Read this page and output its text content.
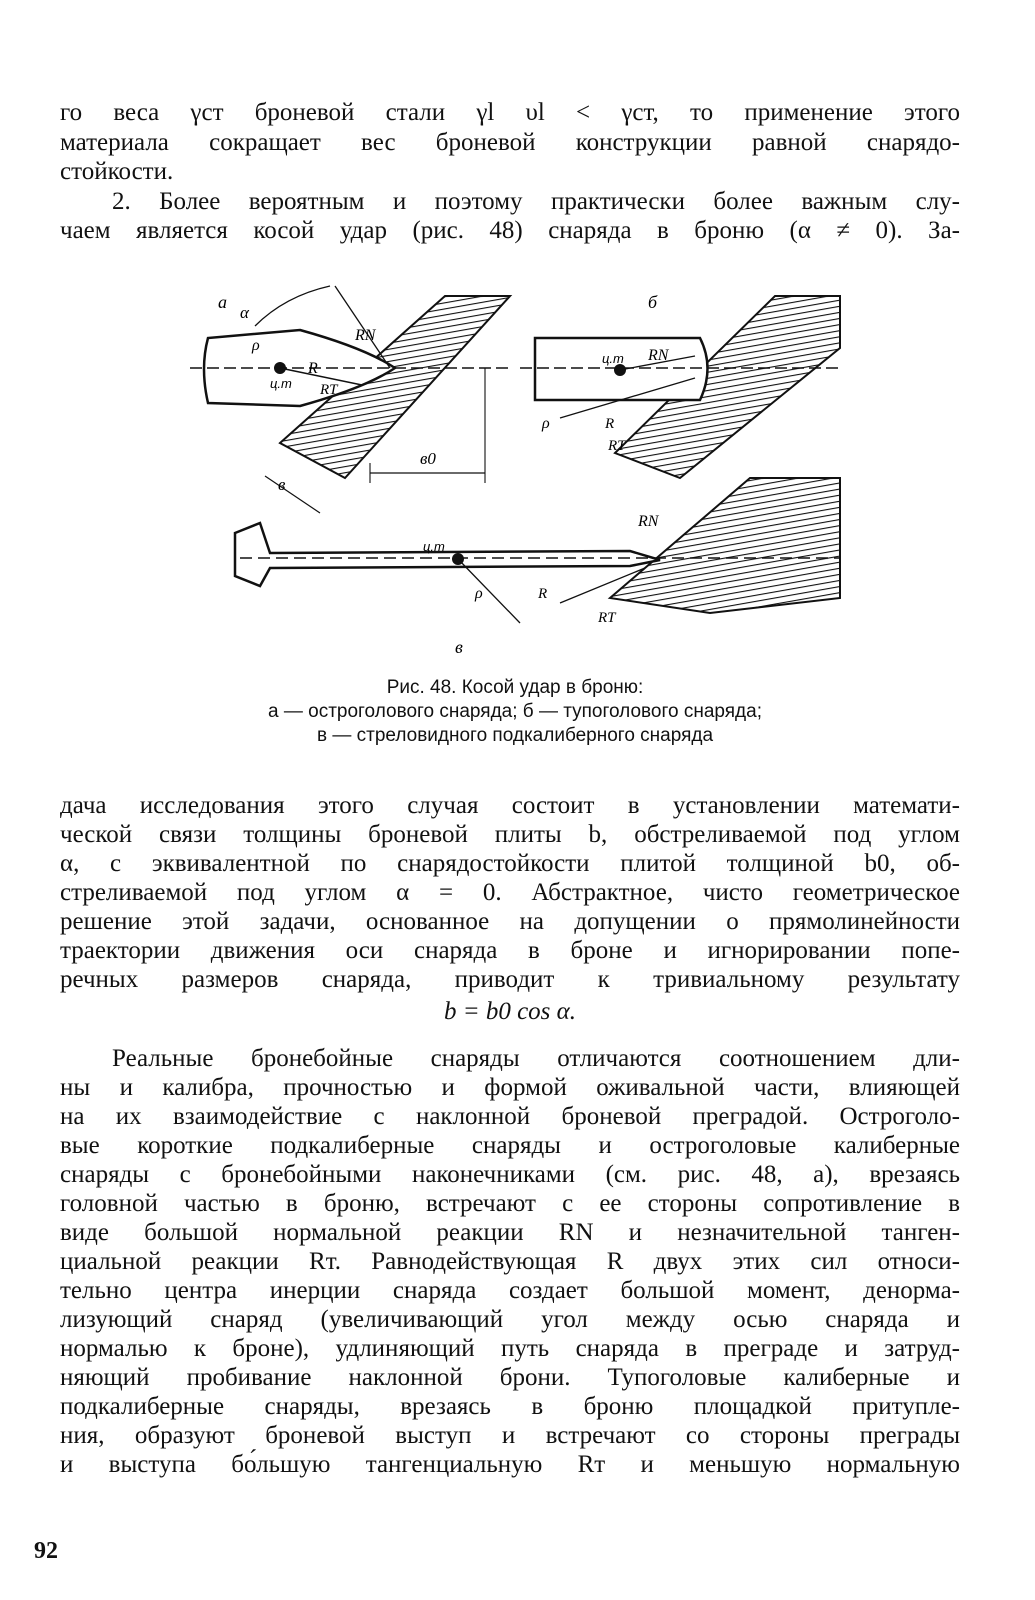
го веса γст броневой стали γl υl < γст, то применение этого
материала сокращает вес броневой конструкции равной снарядо-
стойкости.
2. Более вероятным и поэтому практически более важным слу-
чаем является косой удар (рис. 48) снаряда в броню (α ≠ 0). За-
а
α
ρ
ц.т
R
RN
RT
в
в0
б
ц.т RN
ρ	R
RT
ц.т
RN
ρ	R
RT
в
Рис. 48. Косой удар в броню:
а — остроголового снаряда; б — тупоголового снаряда;
в — стреловидного подкалиберного снаряда
дача исследования этого случая состоит в установлении математи-
ческой связи толщины броневой плиты b, обстреливаемой под углом
α, с эквивалентной по снарядостойкости плитой толщиной b0, об-
стреливаемой под углом α = 0. Абстрактное, чисто геометрическое
решение этой задачи, основанное на допущении о прямолинейности
траектории движения оси снаряда в броне и игнорировании попе-
речных размеров снаряда, приводит к тривиальному результату
b = b0 cos α.
Реальные бронебойные снаряды отличаются соотношением дли-
ны и калибра, прочностью и формой оживальной части, влияющей
на их взаимодействие с наклонной броневой преградой. Остроголо-
вые короткие подкалиберные снаряды и остроголовые калиберные
снаряды с бронебойными наконечниками (см. рис. 48, а), врезаясь
головной частью в броню, встречают с ее стороны сопротивление в
виде большой нормальной реакции RN и незначительной танген-
циальной реакции Rт. Равнодействующая R двух этих сил относи-
тельно центра инерции снаряда создает большой момент, денорма-
лизующий снаряд (увеличивающий угол между осью снаряда и
нормалью к броне), удлиняющий путь снаряда в преграде и затруд-
няющий пробивание наклонной брони. Тупоголовые калиберные и
подкалиберные снаряды, врезаясь в броню площадкой притупле-
ния, образуют броневой выступ и встречают со стороны преграды
и выступа бо́льшую тангенциальную Rт и меньшую нормальную
92
